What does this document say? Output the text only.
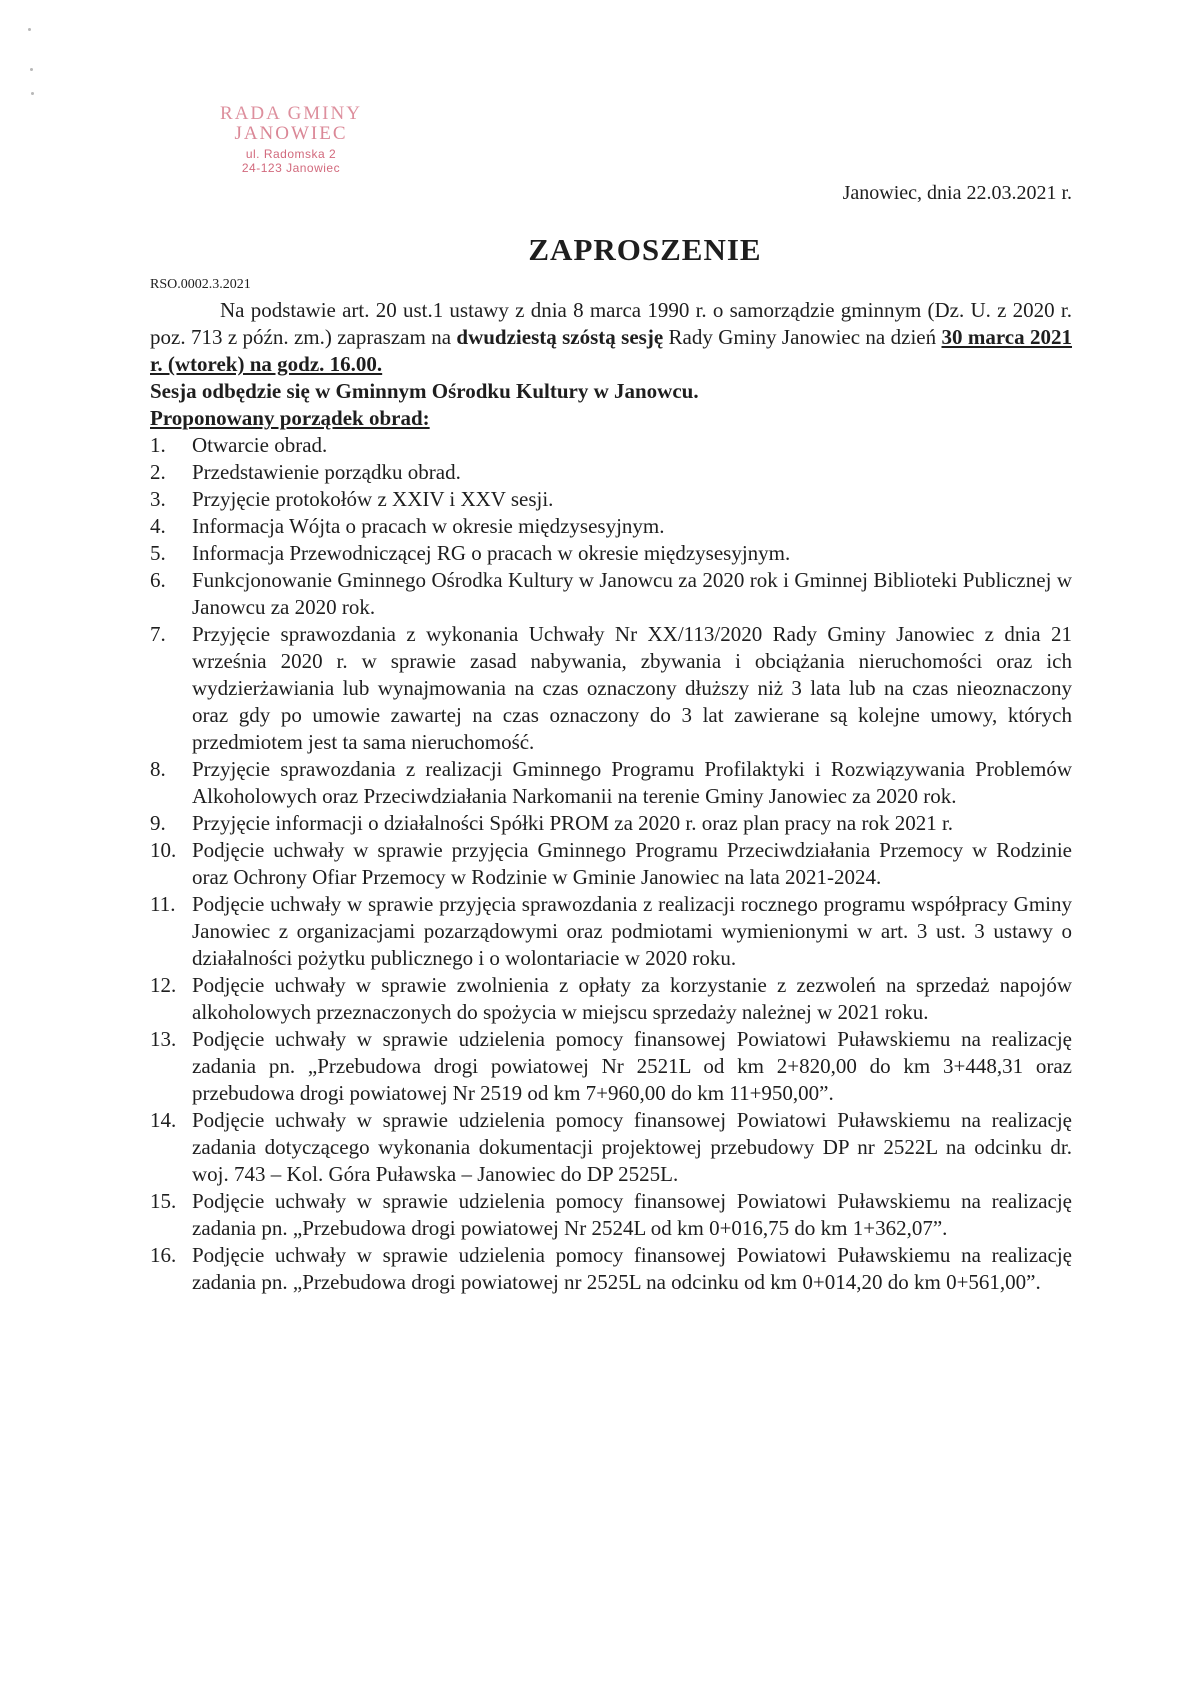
RADA GMINY
JANOWIEC
ul. Radomska 2
24-123 Janowiec
Janowiec, dnia 22.03.2021 r.
ZAPROSZENIE
RSO.0002.3.2021

Na podstawie art. 20 ust.1 ustawy z dnia 8 marca 1990 r. o samorządzie gminnym (Dz. U. z 2020 r. poz. 713 z późn. zm.) zapraszam na dwudziestą szóstą sesję Rady Gminy Janowiec na dzień 30 marca 2021 r. (wtorek) na godz. 16.00.

Sesja odbędzie się w Gminnym Ośrodku Kultury w Janowcu.

Proponowany porządek obrad:

1.	Otwarcie obrad.
2.	Przedstawienie porządku obrad.
3.	Przyjęcie protokołów z XXIV i XXV sesji.
4.	Informacja Wójta o pracach w okresie międzysesyjnym.
5.	Informacja Przewodniczącej RG o pracach w okresie międzysesyjnym.
6.	Funkcjonowanie Gminnego Ośrodka Kultury w Janowcu za 2020 rok i Gminnej Biblioteki Publicznej w Janowcu za 2020 rok.
7.	Przyjęcie sprawozdania z wykonania Uchwały Nr XX/113/2020 Rady Gminy Janowiec z dnia 21 września 2020 r. w sprawie zasad nabywania, zbywania i obciążania nieruchomości oraz ich wydzierżawiania lub wynajmowania na czas oznaczony dłuższy niż 3 lata lub na czas nieoznaczony oraz gdy po umowie zawartej na czas oznaczony do 3 lat zawierane są kolejne umowy, których przedmiotem jest ta sama nieruchomość.
8.	Przyjęcie sprawozdania z realizacji Gminnego Programu Profilaktyki i Rozwiązywania Problemów Alkoholowych oraz Przeciwdziałania Narkomanii na terenie Gminy Janowiec za 2020 rok.
9.	Przyjęcie informacji o działalności Spółki PROM za 2020 r. oraz plan pracy na rok 2021 r.
10. Podjęcie uchwały w sprawie przyjęcia Gminnego Programu Przeciwdziałania Przemocy w Rodzinie oraz Ochrony Ofiar Przemocy w Rodzinie w Gminie Janowiec na lata 2021-2024.
11. Podjęcie uchwały w sprawie przyjęcia sprawozdania z realizacji rocznego programu współpracy Gminy Janowiec z organizacjami pozarządowymi oraz podmiotami wymienionymi w art. 3 ust. 3 ustawy o działalności pożytku publicznego i o wolontariacie w 2020 roku.
12. Podjęcie uchwały w sprawie zwolnienia z opłaty za korzystanie z zezwoleń na sprzedaż napojów alkoholowych przeznaczonych do spożycia w miejscu sprzedaży należnej w 2021 roku.
13. Podjęcie uchwały w sprawie udzielenia pomocy finansowej Powiatowi Puławskiemu na realizację zadania pn. „Przebudowa drogi powiatowej Nr 2521L od km 2+820,00 do km 3+448,31 oraz przebudowa drogi powiatowej Nr 2519 od km 7+960,00 do km 11+950,00”.
14. Podjęcie uchwały w sprawie udzielenia pomocy finansowej Powiatowi Puławskiemu na realizację zadania dotyczącego wykonania dokumentacji projektowej przebudowy DP nr 2522L na odcinku dr. woj. 743 – Kol. Góra Puławska – Janowiec do DP 2525L.
15. Podjęcie uchwały w sprawie udzielenia pomocy finansowej Powiatowi Puławskiemu na realizację zadania pn. „Przebudowa drogi powiatowej Nr 2524L od km 0+016,75 do km 1+362,07”.
16. Podjęcie uchwały w sprawie udzielenia pomocy finansowej Powiatowi Puławskiemu na realizację zadania pn. „Przebudowa drogi powiatowej nr 2525L na odcinku od km 0+014,20 do km 0+561,00”.
